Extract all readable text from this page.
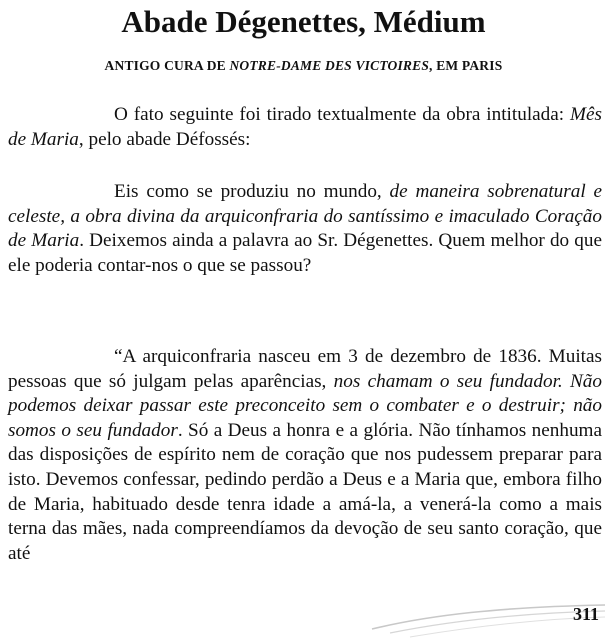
Abade Dégenettes, Médium

ANTIGO CURA DE NOTRE-DAME DES VICTOIRES, EM PARIS

O fato seguinte foi tirado textualmente da obra intitulada: Mês de Maria, pelo abade Défossés:

Eis como se produziu no mundo, de maneira sobrenatural e celeste, a obra divina da arquiconfraria do santíssimo e imaculado Coração de Maria. Deixemos ainda a palavra ao Sr. Dégenettes. Quem melhor do que ele poderia contar-nos o que se passou?

“A arquiconfraria nasceu em 3 de dezembro de 1836. Muitas pessoas que só julgam pelas aparências, nos chamam o seu fundador. Não podemos deixar passar este preconceito sem o combater e o destruir; não somos o seu fundador. Só a Deus a honra e a glória. Não tínhamos nenhuma das disposições de espírito nem de coração que nos pudessem preparar para isto. Devemos confessar, pedindo perdão a Deus e a Maria que, embora filho de Maria, habituado desde tenra idade a amá-la, a venerá-la como a mais terna das mães, nada compreendíamos da devoção de seu santo coração, que até

311
